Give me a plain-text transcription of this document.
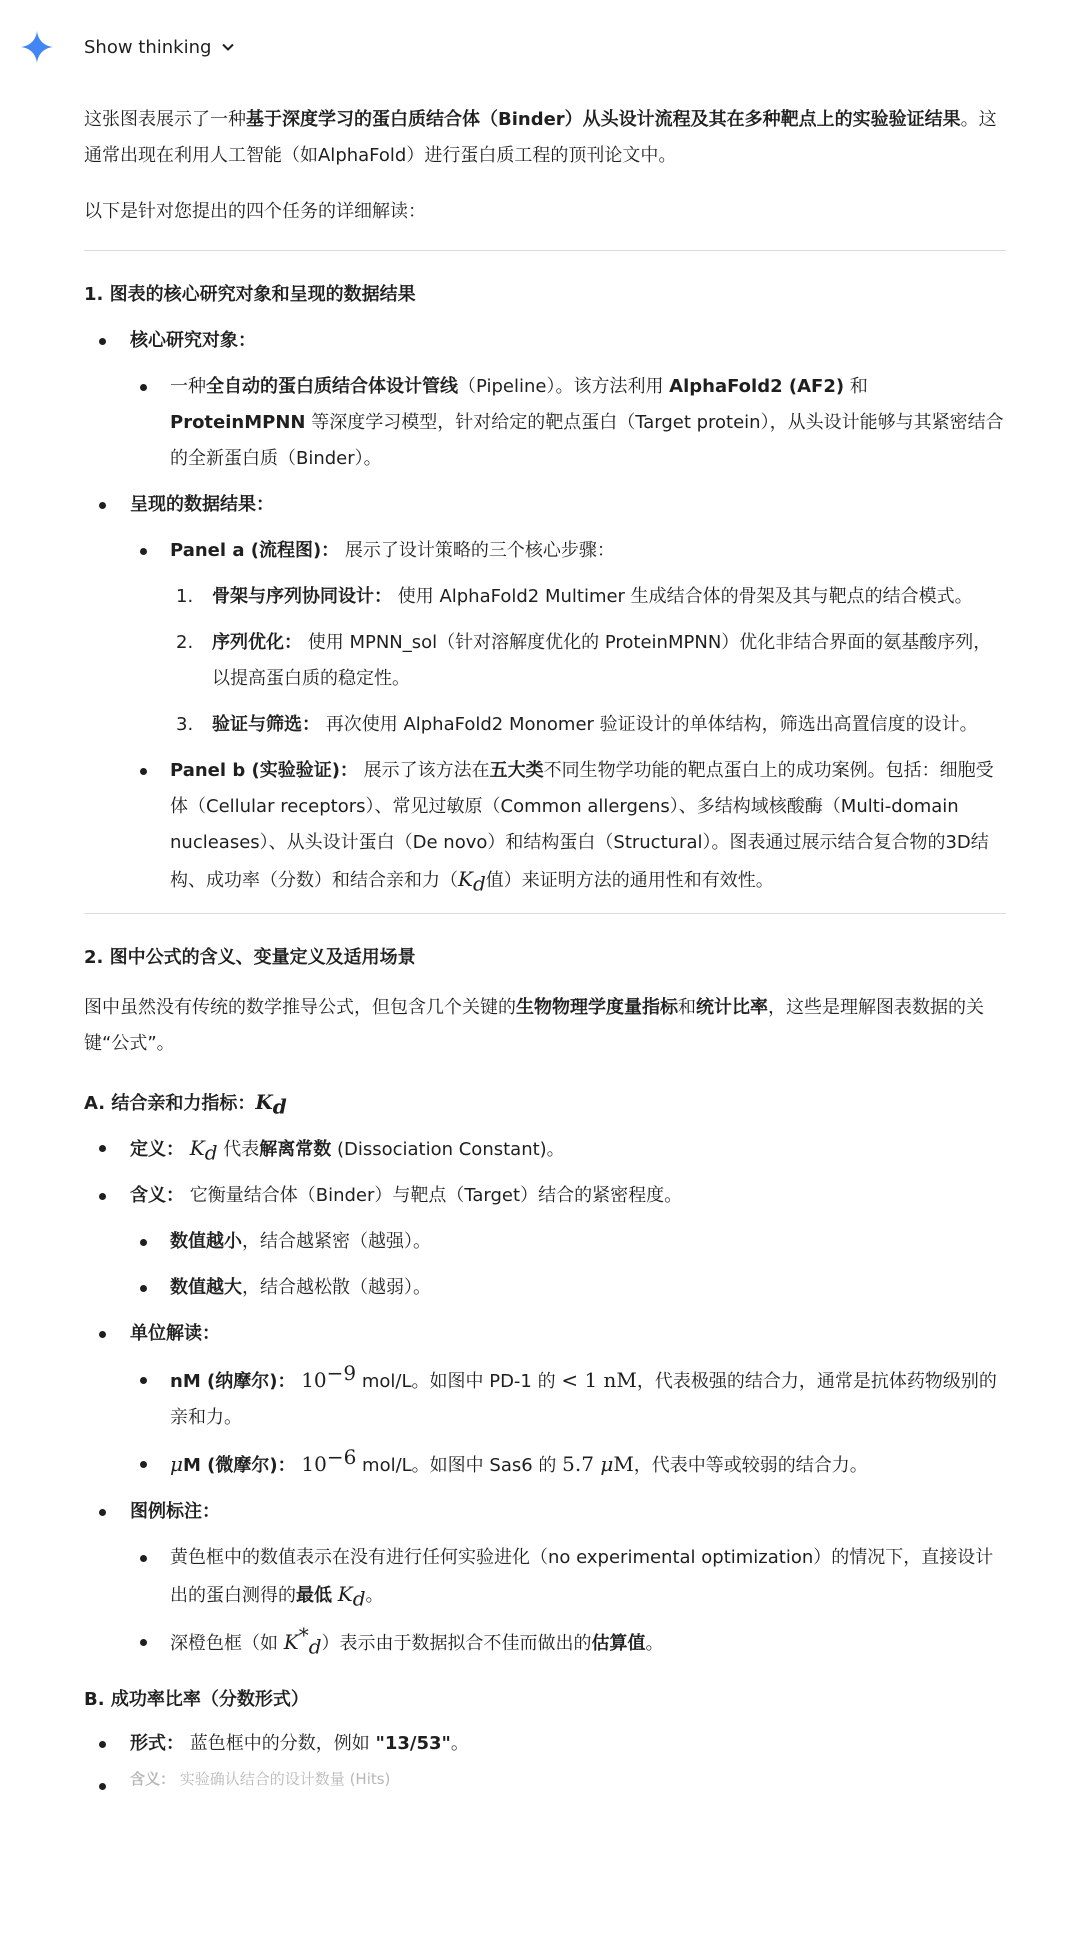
Show thinking

这张图表展示了一种基于深度学习的蛋白质结合体（Binder）从头设计流程及其在多种靶点上的实验验证结果。这通常出现在利用人工智能（如AlphaFold）进行蛋白质工程的顶刊论文中。

以下是针对您提出的四个任务的详细解读：

1. 图表的核心研究对象和呈现的数据结果

核心研究对象：
一种全自动的蛋白质结合体设计管线（Pipeline）。该方法利用 AlphaFold2 (AF2) 和 ProteinMPNN 等深度学习模型，针对给定的靶点蛋白（Target protein），从头设计能够与其紧密结合的全新蛋白质（Binder）。
呈现的数据结果：
Panel a (流程图)： 展示了设计策略的三个核心步骤：
1. 骨架与序列协同设计： 使用 AlphaFold2 Multimer 生成结合体的骨架及其与靶点的结合模式。
2. 序列优化： 使用 MPNN_sol（针对溶解度优化的 ProteinMPNN）优化非结合界面的氨基酸序列，以提高蛋白质的稳定性。
3. 验证与筛选： 再次使用 AlphaFold2 Monomer 验证设计的单体结构，筛选出高置信度的设计。
Panel b (实验验证)： 展示了该方法在五大类不同生物学功能的靶点蛋白上的成功案例。包括：细胞受体（Cellular receptors）、常见过敏原（Common allergens）、多结构域核酸酶（Multi-domain nucleases）、从头设计蛋白（De novo）和结构蛋白（Structural）。图表通过展示结合复合物的3D结构、成功率（分数）和结合亲和力（$K_d$值）来证明方法的通用性和有效性。

2. 图中公式的含义、变量定义及适用场景

图中虽然没有传统的数学推导公式，但包含几个关键的生物物理学度量指标和统计比率，这些是理解图表数据的关键“公式”。

A. 结合亲和力指标：$K_d$

定义： $K_d$ 代表解离常数 (Dissociation Constant)。
含义： 它衡量结合体（Binder）与靶点（Target）结合的紧密程度。
数值越小，结合越紧密（越强）。
数值越大，结合越松散（越弱）。
单位解读：
nM (纳摩尔)： $10^{-9}$ mol/L。如图中 PD-1 的 < 1 nM，代表极强的结合力，通常是抗体药物级别的亲和力。
μM (微摩尔)： $10^{-6}$ mol/L。如图中 Sas6 的 5.7 μM，代表中等或较弱的结合力。
图例标注：
黄色框中的数值表示在没有进行任何实验进化（no experimental optimization）的情况下，直接设计出的蛋白测得的最低 $K_d$。
深橙色框（如 $K^*_d$）表示由于数据拟合不佳而做出的估算值。

B. 成功率比率（分数形式）

形式： 蓝色框中的分数，例如 "13/53"。
含义： 实验确认结合的设计数量 (Hits)
